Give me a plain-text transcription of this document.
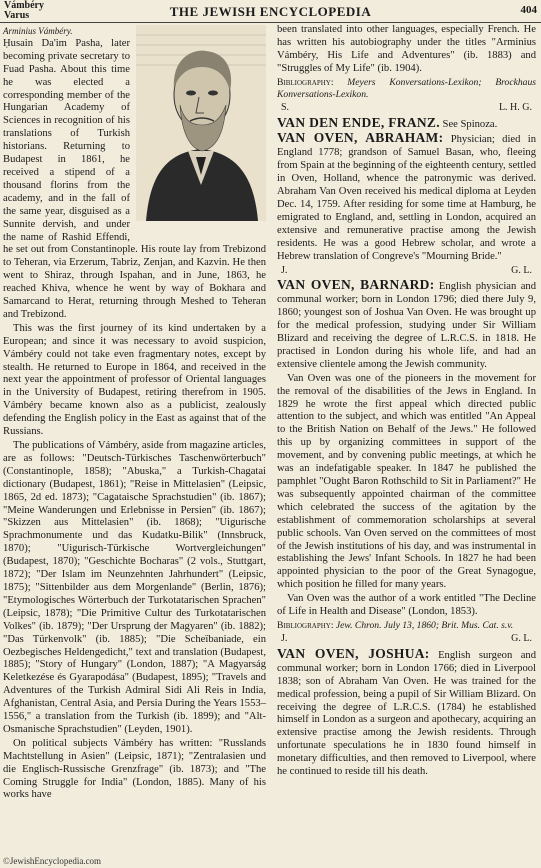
Vámbéry
Varus	THE JEWISH ENCYCLOPEDIA	404

Arminius Vámbéry.
Ḥusain Da'im Pasha, later becoming private secretary to Fuad Pasha. About this time he was elected a corresponding member of the Hungarian Academy of Sciences in recognition of his translations of Turkish historians. Returning to Budapest in 1861, he received a stipend of a thousand florins from the academy, and in the fall of the same year, disguised as a Sunnite dervish, and under the name of Rashid Effendi, he set out from Constantinople. His route lay from Trebizond to Teheran, via Erzerum, Tabriz, Zenjan, and Kazvin. He then went to Shiraz, through Ispahan, and in June, 1863, he reached Khiva, whence he went by way of Bokhara and Samarcand to Herat, returning through Meshed to Teheran and Trebizond.

This was the first journey of its kind undertaken by a European; and since it was necessary to avoid suspicion, Vámbéry could not take even fragmentary notes, except by stealth. He returned to Europe in 1864, and received in the next year the appointment of professor of Oriental languages in the University of Budapest, retiring therefrom in 1905. Vámbéry became known also as a publicist, zealously defending the English policy in the East as against that of the Russians.

The publications of Vámbéry, aside from magazine articles, are as follows: "Deutsch-Türkisches Taschenwörterbuch" (Constantinople, 1858); "Abuska," a Turkish-Chagatai dictionary (Budapest, 1861); "Reise in Mittelasien" (Leipsic, 1865, 2d ed. 1873); "Cagataische Sprachstudien" (ib. 1867); "Meine Wanderungen und Erlebnisse in Persien" (ib. 1867); "Skizzen aus Mittelasien" (ib. 1868); "Uigurische Sprachmonumente und das Kudatku-Bilik" (Innsbruck, 1870); "Uigurisch-Türkische Wortvergleichungen" (Budapest, 1870); "Geschichte Bocharas" (2 vols., Stuttgart, 1872); "Der Islam im Neunzehnten Jahrhundert" (Leipsic, 1875); "Sittenbilder aus dem Morgenlande" (Berlin, 1876); "Etymologisches Wörterbuch der Turkotatarischen Sprachen" (Leipsic, 1878); "Die Primitive Cultur des Turkotatarischen Volkes" (ib. 1879); "Der Ursprung der Magyaren" (ib. 1882); "Das Türkenvolk" (ib. 1885); "Die Scheïbaniade, ein Oezbegisches Heldengedicht," text and translation (Budapest, 1885); "Story of Hungary" (London, 1887); "A Magyarság Keletkezése és Gyarapodása" (Budapest, 1895); "Travels and Adventures of the Turkish Admiral Sidi Ali Reis in India, Afghanistan, Central Asia, and Persia During the Years 1553–1556," a translation from the Turkish (ib. 1899); and "Alt-Osmanische Sprachstudien" (Leyden, 1901).

On political subjects Vámbéry has written: "Russlands Machtstellung in Asien" (Leipsic, 1871); "Zentralasien und die Englisch-Russische Grenzfrage" (ib. 1873); and "The Coming Struggle for India" (London, 1885). Many of his works have

been translated into other languages, especially French. He has written his autobiography under the titles "Arminius Vámbéry, His Life and Adventures" (ib. 1883) and "Struggles of My Life" (ib. 1904).

Bibliography: Meyers Konversations-Lexikon; Brockhaus Konversations-Lexikon.

S.	L. H. G.

VAN DEN ENDE, FRANZ. See Spinoza.

VAN OVEN, ABRAHAM: Physician; died in England 1778; grandson of Samuel Basan, who, fleeing from Spain at the beginning of the eighteenth century, settled in Oven, Holland, whence the patronymic was derived. Abraham Van Oven received his medical diploma at Leyden Dec. 14, 1759. After residing for some time at Hamburg, he emigrated to England, and, settling in London, acquired an extensive and remunerative practise among the Jewish residents. He was a good Hebrew scholar, and wrote a Hebrew translation of Congreve's "Mourning Bride."

J.	G. L.

VAN OVEN, BARNARD: English physician and communal worker; born in London 1796; died there July 9, 1860; youngest son of Joshua Van Oven. He was brought up for the medical profession, studying under Sir William Blizard and receiving the degree of L.R.C.S. in 1818. He practised in London during his whole life, and had an extensive clientele among the Jewish community.

Van Oven was one of the pioneers in the movement for the removal of the disabilities of the Jews in England. In 1829 he wrote the first appeal which directed public attention to the subject, and which was entitled "An Appeal to the British Nation on Behalf of the Jews." He followed this up by organizing committees in support of the movement, and by convening public meetings, at which he was an indefatigable speaker. In 1847 he published the pamphlet "Ought Baron Rothschild to Sit in Parliament?" He was subsequently appointed chairman of the committee which celebrated the success of the agitation by the establishment of commemoration scholarships at several public schools. Van Oven served on the committees of most of the Jewish institutions of his day, and was instrumental in establishing the Jews' Infant Schools. In 1827 he had been appointed physician to the poor of the Great Synagogue, which position he filled for many years.

Van Oven was the author of a work entitled "The Decline of Life in Health and Disease" (London, 1853).

Bibliography: Jew. Chron. July 13, 1860; Brit. Mus. Cat. s.v.

J.	G. L.

VAN OVEN, JOSHUA: English surgeon and communal worker; born in London 1766; died in Liverpool 1838; son of Abraham Van Oven. He was trained for the medical profession, being a pupil of Sir William Blizard. On receiving the degree of L.R.C.S. (1784) he established himself in London as a surgeon and apothecary, acquiring an extensive practise among the Jewish residents. Through unfortunate speculations he in 1830 found himself in monetary difficulties, and then removed to Liverpool, where he continued to reside till his death.

©JewishEncyclopedia.com
